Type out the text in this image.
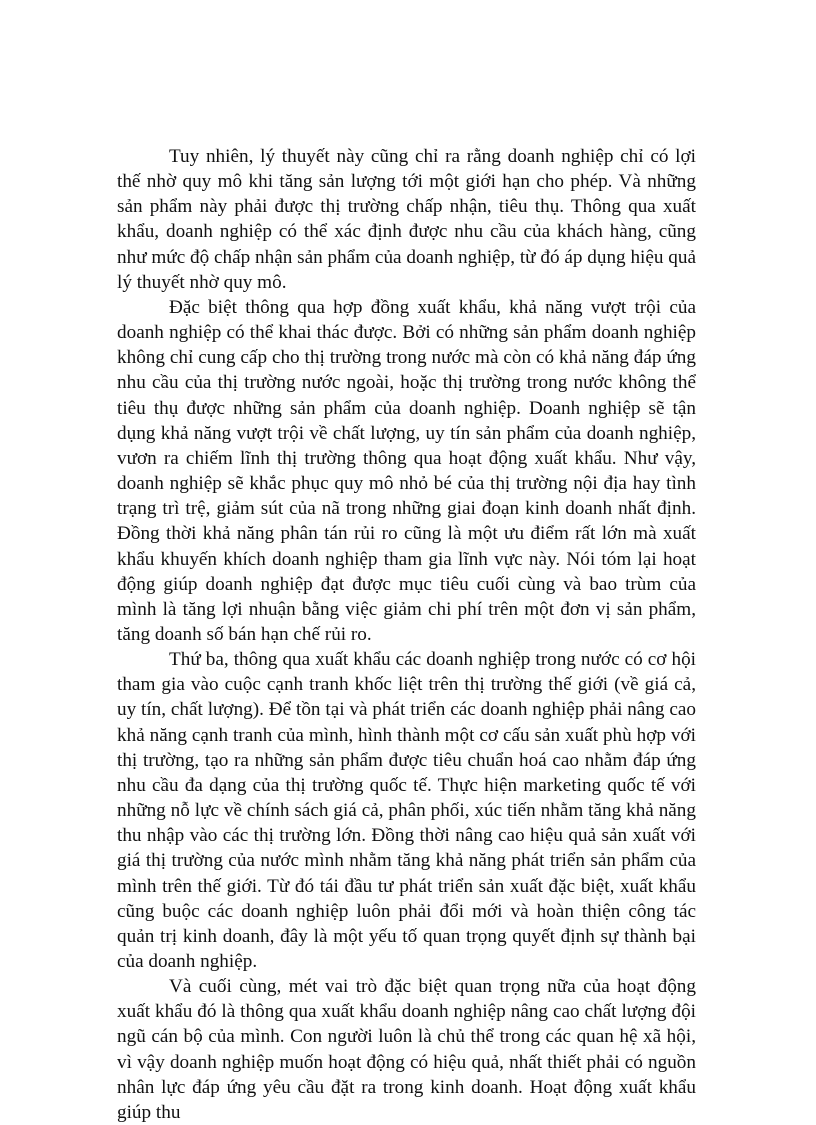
Tuy nhiên, lý thuyết này cũng chỉ ra rằng doanh nghiệp chỉ có lợi thế nhờ quy mô khi tăng sản lượng tới một giới hạn cho phép. Và những sản phẩm này phải được thị trường chấp nhận, tiêu thụ. Thông qua xuất khẩu, doanh nghiệp có thể xác định được nhu cầu của khách hàng, cũng như mức độ chấp nhận sản phẩm của doanh nghiệp, từ đó áp dụng hiệu quả lý thuyết nhờ quy mô.

Đặc biệt thông qua hợp đồng xuất khẩu, khả năng vượt trội của doanh nghiệp có thể khai thác được. Bởi có những sản phẩm doanh nghiệp không chỉ cung cấp cho thị trường trong nước mà còn có khả năng đáp ứng nhu cầu của thị trường nước ngoài, hoặc thị trường trong nước không thể tiêu thụ được những sản phẩm của doanh nghiệp. Doanh nghiệp sẽ tận dụng khả năng vượt trội về chất lượng, uy tín sản phẩm của doanh nghiệp, vươn ra chiếm lĩnh thị trường thông qua hoạt động xuất khẩu. Như vậy, doanh nghiệp sẽ khắc phục quy mô nhỏ bé của thị trường nội địa hay tình trạng trì trệ, giảm sút của nã trong những giai đoạn kinh doanh nhất định. Đồng thời khả năng phân tán rủi ro cũng là một ưu điểm rất lớn mà xuất khẩu khuyến khích doanh nghiệp tham gia lĩnh vực này. Nói tóm lại hoạt động giúp doanh nghiệp đạt được mục tiêu cuối cùng và bao trùm của mình là tăng lợi nhuận bằng việc giảm chi phí trên một đơn vị sản phẩm, tăng doanh số bán hạn chế rủi ro.

Thứ ba, thông qua xuất khẩu các doanh nghiệp trong nước có cơ hội tham gia vào cuộc cạnh tranh khốc liệt trên thị trường thế giới (về giá cả, uy tín, chất lượng). Để tồn tại và phát triển các doanh nghiệp phải nâng cao khả năng cạnh tranh của mình, hình thành một cơ cấu sản xuất phù hợp với thị trường, tạo ra những sản phẩm được tiêu chuẩn hoá cao nhằm đáp ứng nhu cầu đa dạng của thị trường quốc tế. Thực hiện marketing quốc tế với những nỗ lực về chính sách giá cả, phân phối, xúc tiến nhằm tăng khả năng thu nhập vào các thị trường lớn. Đồng thời nâng cao hiệu quả sản xuất với giá thị trường của nước mình nhằm tăng khả năng phát triển sản phẩm của mình trên thế giới. Từ đó tái đầu tư phát triển sản xuất đặc biệt, xuất khẩu cũng buộc các doanh nghiệp luôn phải đổi mới và hoàn thiện công tác quản trị kinh doanh, đây là một yếu tố quan trọng quyết định sự thành bại của doanh nghiệp.

Và cuối cùng, mét vai trò đặc biệt quan trọng nữa của hoạt động xuất khẩu đó là thông qua xuất khẩu doanh nghiệp nâng cao chất lượng đội ngũ cán bộ của mình. Con người luôn là chủ thể trong các quan hệ xã hội, vì vậy doanh nghiệp muốn hoạt động có hiệu quả, nhất thiết phải có nguồn nhân lực đáp ứng yêu cầu đặt ra trong kinh doanh. Hoạt động xuất khẩu giúp thu
